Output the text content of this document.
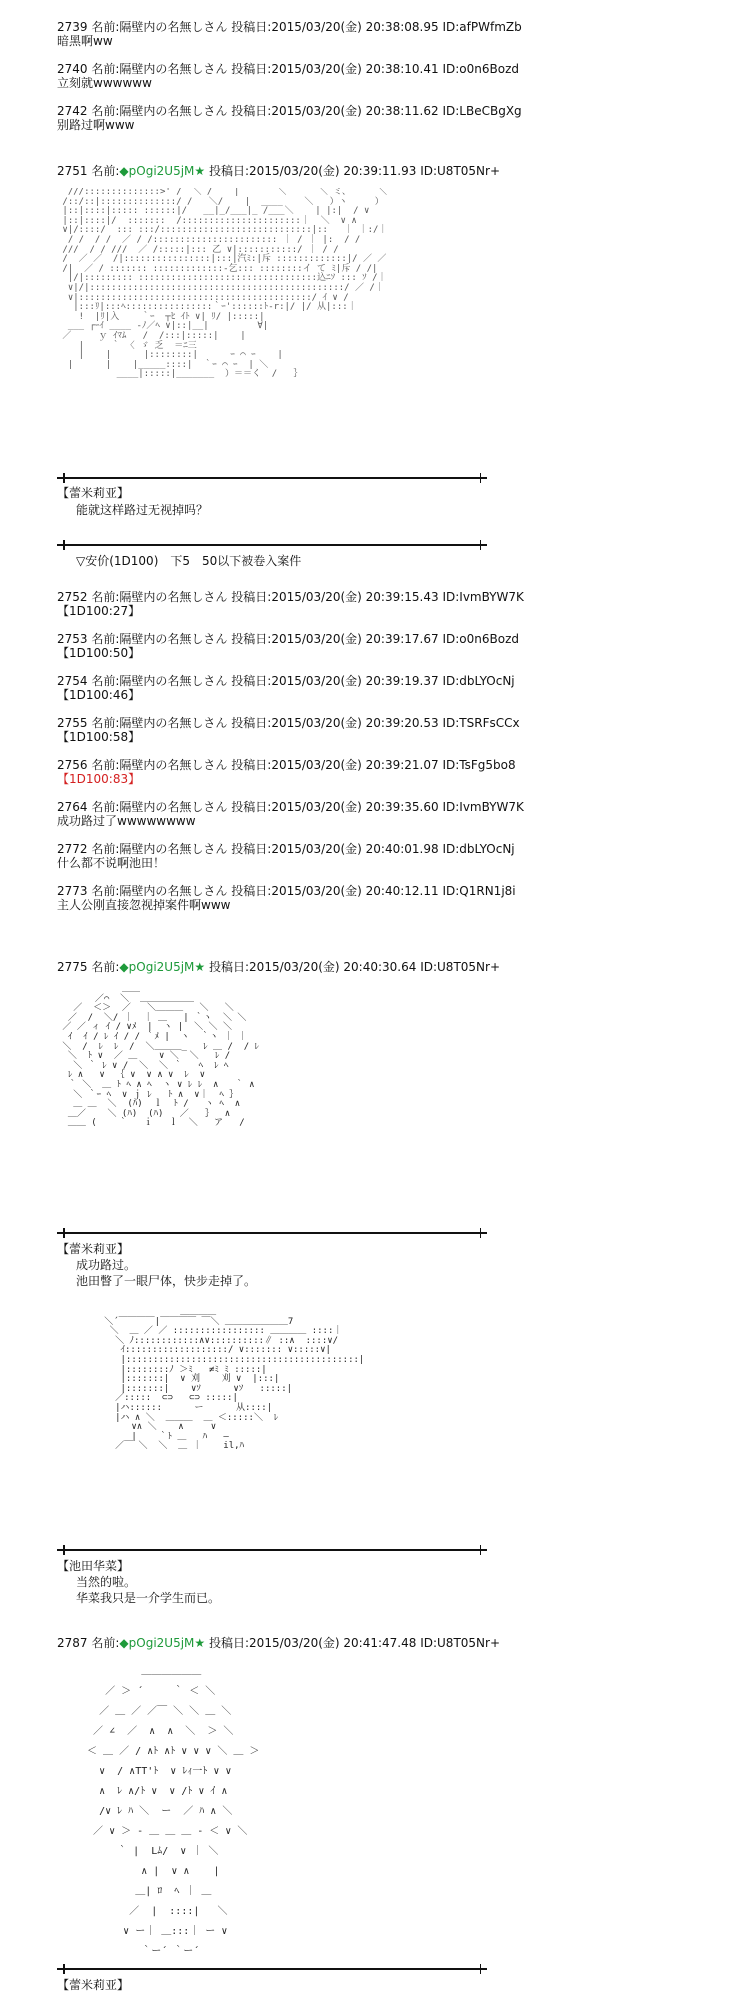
2739 名前:隔壁内の名無しさん 投稿日:2015/03/20(金) 20:38:08.95 ID:afPWfmZb
暗黑啊ww
2740 名前:隔壁内の名無しさん 投稿日:2015/03/20(金) 20:38:10.41 ID:o0n6Bozd
立刻就wwwwww
2742 名前:隔壁内の名無しさん 投稿日:2015/03/20(金) 20:38:11.62 ID:LBeCBgXg
别路过啊www
2751 名前:◆pOgi2U5jM★ 投稿日:2015/03/20(金) 20:39:11.93 ID:U8T05Nr+
///::::::::::::::>' /  ＼ /    |       ＼      ＼ ミ、     ＼
/::/::|::::::::::::::/ /   ＼/    |  ____    ＼   ）ヽ     ）
|::|::::|::::: ::::::|/   __|_/___|_ /___＼    | |:|  / ∨
|::|::::|/  :::::::  /::::::::::::::::::::::｜  ＼  ∨ ∧
∨|/::::/  ::: :::/::::::::::::::::::::::::::::|::   ｜ ｜:/｜
/ /  / /  ／ / /::::::::::::::::::::::: ｜ / ｜ |:  / /
///  / / ///  ／ /:::::|::: 乙 ∨|:::::::::::/ ｜ / /
/  ／ ／  /|::::::::::::::::|:::|汽ﾐ:|斥 :::::::::::::|/ ／ ／
/|  ／ / ::::::: :::::::::::::-乞::: ::::::::イ て ﾐ|斥 / /|
|/|::::::::: :::::::::::::::::::::::::::::::::込ﾆｿ ::: ｿ /｜
∨|/|:::::::::::::::::::::::::::::::::::::::::::::::/ ／ /｜
∨|:::::::::::::::::::::::::::::::::::::::::::/ ｲ ∨ /
|:::ﾘ|:::ﾍ::::::::::::::::｀ｰ'::::::ﾄ‐r:|/ |/ 从|:::｜
!  |ﾘ|入    ｀ｰ  ┬ﾋ ｲﾄ ∨| ﾘ/ |:::::|
___ ┌ｰｲ ____ -ﾉ／ﾍ ∨|::|__|         ∀|
／     ｙ ｲﾏﾑ   /  /:::|:::::|    |
|     ｀ 〈 ゞ 乏  ＝ﾆ三
|    |      |::::::::|      ｰ ⌒ ｰ    |
|      |    |_____::::|  ｀ｰ ⌒ ｰ  | ＼
____|:::::|_______  ）＝＝く  /   ｝
【蕾米莉亚】
能就这样路过无视掉吗？
▽安价(1D100)　下5　50以下被卷入案件
2752 名前:隔壁内の名無しさん 投稿日:2015/03/20(金) 20:39:15.43 ID:IvmBYW7K
【1D100:27】
2753 名前:隔壁内の名無しさん 投稿日:2015/03/20(金) 20:39:17.67 ID:o0n6Bozd
【1D100:50】
2754 名前:隔壁内の名無しさん 投稿日:2015/03/20(金) 20:39:19.37 ID:dbLYOcNj
【1D100:46】
2755 名前:隔壁内の名無しさん 投稿日:2015/03/20(金) 20:39:20.53 ID:TSRFsCCx
【1D100:58】
2756 名前:隔壁内の名無しさん 投稿日:2015/03/20(金) 20:39:21.07 ID:TsFg5bo8
【1D100:83】
2764 名前:隔壁内の名無しさん 投稿日:2015/03/20(金) 20:39:35.60 ID:IvmBYW7K
成功路过了wwwwwwww
2772 名前:隔壁内の名無しさん 投稿日:2015/03/20(金) 20:40:01.98 ID:dbLYOcNj
什么都不说啊池田！
2773 名前:隔壁内の名無しさん 投稿日:2015/03/20(金) 20:40:12.11 ID:Q1RN1j8i
主人公刚直接忽视掉案件啊www
2775 名前:◆pOgi2U5jM★ 投稿日:2015/03/20(金) 20:40:30.64 ID:U8T05Nr+
＿＿
／⌒  ＼  ＿＿＿＿＿＿
／  ＜＞  ／   ＼＿＿＿   ＼   ＼
／  /  ＼/ ｜  ｜ ＿   | ｀ヽ  ＼ ＼
／ ／ ィ ｲ / ∨ﾒ  |  ヽ |  ＼ ＼ ＼
ｲ  ｲ / ﾚ ｲ / / ｀ﾒ |  ヽ  ｀ヽ ｜ ｜
＼  /  ﾚ  ﾚ  /  ＼＿＿＿_   ﾚ ＿ /  / ﾚ
＼  ﾄ ∨  ／ ＿    ∨ ＼  ＼   ﾚ /
＼ ｀ ﾚ ∨ /  ＼  ＼ ｀   ﾍ  ﾚ ﾍ
ﾚ ∧   ∨  ｛ ∨  ∨ ∧ ∨  ﾚ  ∨
｀ ＼  ＿ ﾄ ﾍ ∧ ﾍ  ヽ ∨ ﾚ ﾚ  ∧   ｀ ∧
＼ ｀ｰ ﾍ  ∨ ｊ ﾚ   ﾄ ∧  ∨｜  ﾍ ｝
＿ ＿  ＼  (ﾊ)  ｌ  ﾄ /   ヽ ﾍ  ∧
＿／    ＼ (ﾊ)  (ﾊ)   ／   ｝  ∧
＿＿ (    ｀   ｉ   ｌ  ＼   ア   /
【蕾米莉亚】
成功路过。
池田瞥了一眼尸体，快步走掉了。
＿＿＿＿
＼´￣￣￣￣|￣￣￣￣ ￣＼ ＿＿＿＿＿＿＿7
＼  ＿ ／ ／ ::::::::::::::::: ＿＿＿＿ ::::｜
＼ ﾉ::::::::::::∧∨::::::::::∥ ::∧  ::::∨/
ｲ:::::::::::::::::::/ ∨::::::: ∨:::::∨|
|:::::::::::::::::::::::::::::::::::::::::::|
|::::::::ﾉ ＞ﾐ   ≠ﾐ ﾐ :::::|
|:::::::|  ∨ 刈    刈 ∨  |:::|
|:::::::|    ∨ｿ      ∨ｿ   :::::|
／:::::  ⊂⊃   ⊂⊃ :::::|
|ハ::::::      ー      从::::|
|ハ ∧ ＼  ＿＿＿  ＿ ＜:::::＼  ﾚ
∨∧ ＼    ∧     ∨
|    ｀ﾄ ＿   ﾊ   ―
／￣ ＼  ＼  ＿ ｜    il,ﾊ
【池田华菜】
当然的啦。
华菜我只是一介学生而已。
2787 名前:◆pOgi2U5jM★ 投稿日:2015/03/20(金) 20:41:47.48 ID:U8T05Nr+
＿＿＿＿＿＿
／ ＞ ´     ｀ ＜ ＼
／ ＿ ／ ／￣ ＼ ＼ ＿ ＼
／ ∠  ／  ∧  ∧  ＼  ＞ ＼
＜ ＿ ／ / ∧ﾄ ∧ﾄ ∨ ∨ ∨ ＼ ＿ ＞
∨  / ∧TT'ﾄ  ∨ ﾚｨ一ﾄ ∨ ∨
∧  ﾚ ∧/ﾄ ∨  ∨ /ﾄ ∨ ｲ ∧
/∨ ﾚ ﾊ ＼  ー  ／ ﾊ ∧ ＼
／ ∨ ＞ - ＿ ＿ ＿ - ＜ ∨ ＼
｀ |  Lﾑ/  ∨ ｜ ＼
∧ |  ∨ ∧    |
＿| ﾛ  ﾍ ｜ ＿
／  |  ::::|   ＼
∨ ー｜ ＿:::｜ ー ∨
｀ー´ ｀ー´
【蕾米莉亚】
